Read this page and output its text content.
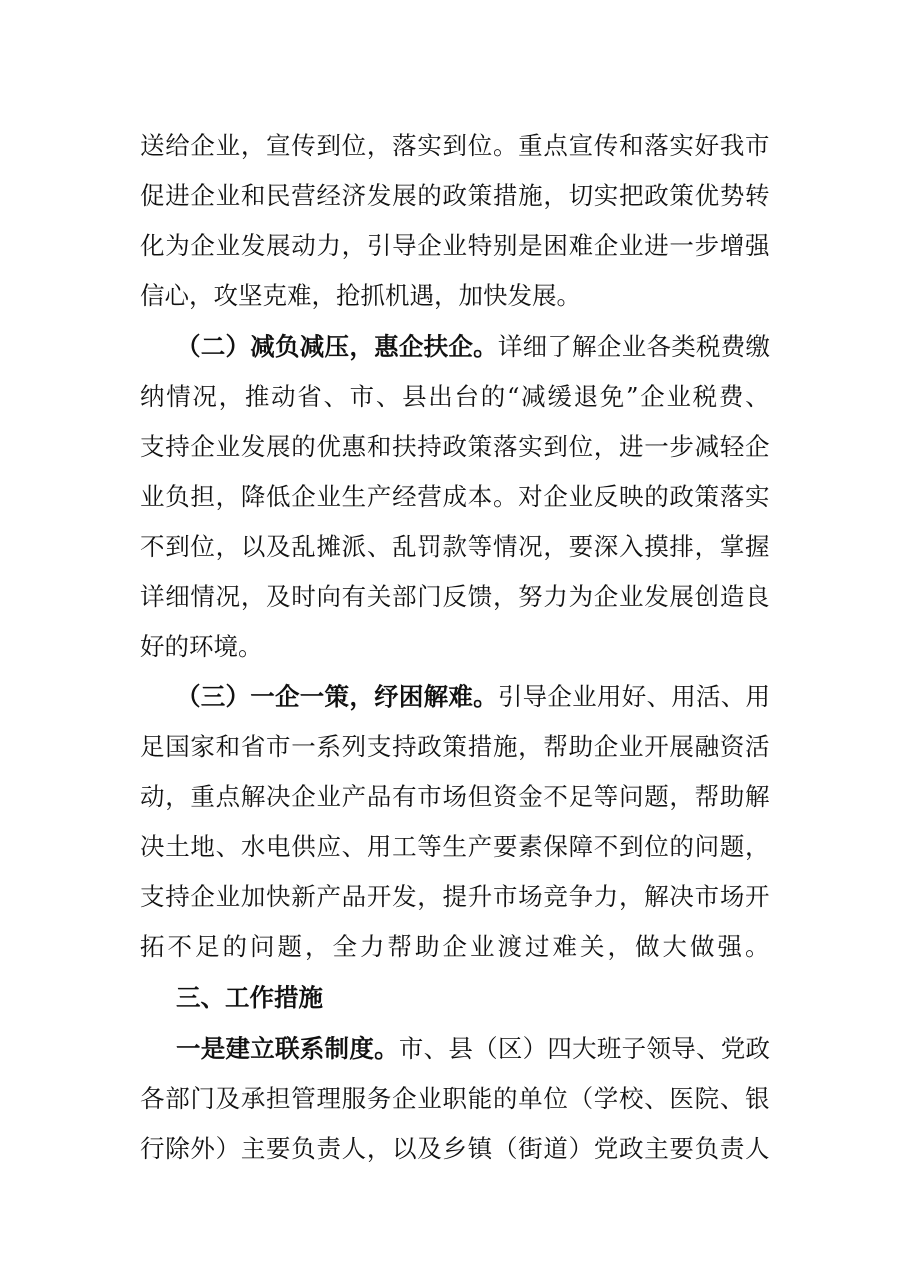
送给企业，宣传到位，落实到位。重点宣传和落实好我市
促进企业和民营经济发展的政策措施，切实把政策优势转
化为企业发展动力，引导企业特别是困难企业进一步增强
信心，攻坚克难，抢抓机遇，加快发展。
（二）减负减压，惠企扶企。详细了解企业各类税费缴
纳情况，推动省、市、县出台的“减缓退免”企业税费、
支持企业发展的优惠和扶持政策落实到位，进一步减轻企
业负担，降低企业生产经营成本。对企业反映的政策落实
不到位，以及乱摊派、乱罚款等情况，要深入摸排，掌握
详细情况，及时向有关部门反馈，努力为企业发展创造良
好的环境。
（三）一企一策，纾困解难。引导企业用好、用活、用
足国家和省市一系列支持政策措施，帮助企业开展融资活
动，重点解决企业产品有市场但资金不足等问题，帮助解
决土地、水电供应、用工等生产要素保障不到位的问题，
支持企业加快新产品开发，提升市场竞争力，解决市场开
拓不足的问题，全力帮助企业渡过难关，做大做强。
三、工作措施
一是建立联系制度。市、县（区）四大班子领导、党政
各部门及承担管理服务企业职能的单位（学校、医院、银
行除外）主要负责人，以及乡镇（街道）党政主要负责人
